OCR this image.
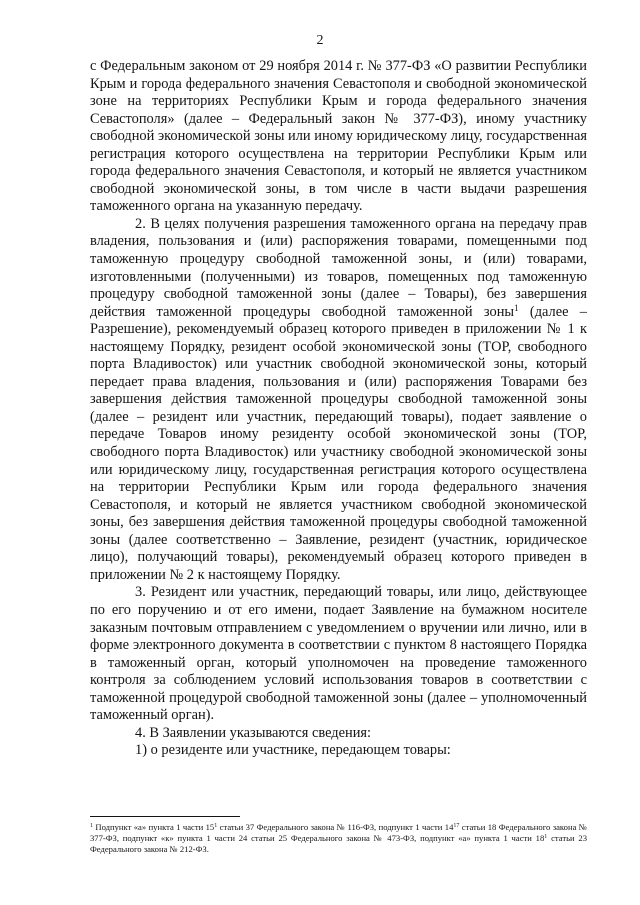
2

с Федеральным законом от 29 ноября 2014 г. № 377-ФЗ «О развитии Республики Крым и города федерального значения Севастополя и свободной экономической зоне на территориях Республики Крым и города федерального значения Севастополя» (далее – Федеральный закон № 377-ФЗ), иному участнику свободной экономической зоны или иному юридическому лицу, государственная регистрация которого осуществлена на территории Республики Крым или города федерального значения Севастополя, и который не является участником свободной экономической зоны, в том числе в части выдачи разрешения таможенного органа на указанную передачу.

2. В целях получения разрешения таможенного органа на передачу прав владения, пользования и (или) распоряжения товарами, помещенными под таможенную процедуру свободной таможенной зоны, и (или) товарами, изготовленными (полученными) из товаров, помещенных под таможенную процедуру свободной таможенной зоны (далее – Товары), без завершения действия таможенной процедуры свободной таможенной зоны$^1$ (далее – Разрешение), рекомендуемый образец которого приведен в приложении № 1 к настоящему Порядку, резидент особой экономической зоны (ТОР, свободного порта Владивосток) или участник свободной экономической зоны, который передает права владения, пользования и (или) распоряжения Товарами без завершения действия таможенной процедуры свободной таможенной зоны (далее – резидент или участник, передающий товары), подает заявление о передаче Товаров иному резиденту особой экономической зоны (ТОР, свободного порта Владивосток) или участнику свободной экономической зоны или юридическому лицу, государственная регистрация которого осуществлена на территории Республики Крым или города федерального значения Севастополя, и который не является участником свободной экономической зоны, без завершения действия таможенной процедуры свободной таможенной зоны (далее соответственно – Заявление, резидент (участник, юридическое лицо), получающий товары), рекомендуемый образец которого приведен в приложении № 2 к настоящему Порядку.

3. Резидент или участник, передающий товары, или лицо, действующее по его поручению и от его имени, подает Заявление на бумажном носителе заказным почтовым отправлением с уведомлением о вручении или лично, или в форме электронного документа в соответствии с пунктом 8 настоящего Порядка в таможенный орган, который уполномочен на проведение таможенного контроля за соблюдением условий использования товаров в соответствии с таможенной процедурой свободной таможенной зоны (далее – уполномоченный таможенный орган).

4. В Заявлении указываются сведения:

1) о резиденте или участнике, передающем товары:

$^1$ Подпункт «а» пункта 1 части $15^1$ статьи 37 Федерального закона № 116-ФЗ, подпункт 1 части $14^{17}$ статьи 18 Федерального закона № 377-ФЗ, подпункт «к» пункта 1 части 24 статьи 25 Федерального закона № 473-ФЗ, подпункт «а» пункта 1 части $18^1$ статьи 23 Федерального закона № 212-ФЗ.
